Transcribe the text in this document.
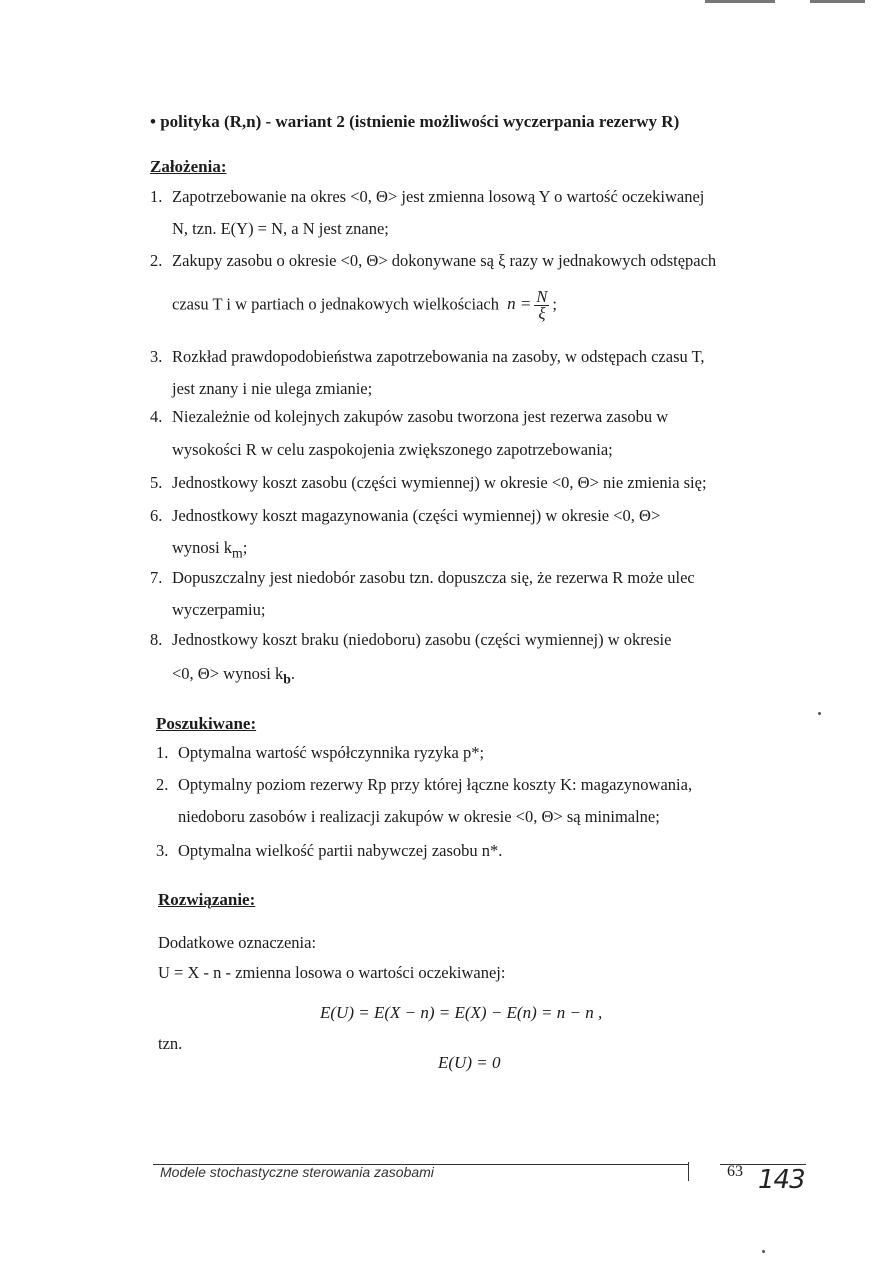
• polityka (R,n) - wariant 2 (istnienie możliwości wyczerpania rezerwy R)
Założenia:
1. Zapotrzebowanie na okres <0, Θ> jest zmienna losową Y o wartość oczekiwanej
N, tzn. E(Y) = N, a N jest znane;
2. Zakupy zasobu o okresie <0, Θ> dokonywane są ξ razy w jednakowych odstępach
czasu T i w partiach o jednakowych wielkościach $n = \frac{N}{\xi}$ ;
3. Rozkład prawdopodobieństwa zapotrzebowania na zasoby, w odstępach czasu T,
jest znany i nie ulega zmianie;
4. Niezależnie od kolejnych zakupów zasobu tworzona jest rezerwa zasobu w
wysokości R w celu zaspokojenia zwiększonego zapotrzebowania;
5. Jednostkowy koszt zasobu (części wymiennej) w okresie <0, Θ> nie zmienia się;
6. Jednostkowy koszt magazynowania (części wymiennej) w okresie <0, Θ>
wynosi $k_m$;
7. Dopuszczalny jest niedobór zasobu tzn. dopuszcza się, że rezerwa R może ulec
wyczerpamiu;
8. Jednostkowy koszt braku (niedoboru) zasobu (części wymiennej) w okresie
<0, Θ> wynosi $k_b$.
Poszukiwane:
1. Optymalna wartość współczynnika ryzyka p*;
2. Optymalny poziom rezerwy Rp przy której łączne koszty K: magazynowania,
niedoboru zasobów i realizacji zakupów w okresie <0, Θ> są minimalne;
3. Optymalna wielkość partii nabywczej zasobu n*.
Rozwiązanie:
Dodatkowe oznaczenia:
U = X - n - zmienna losowa o wartości oczekiwanej:
E(U) = E(X − n) = E(X) − E(n) = n − n ,
tzn.
E(U) = 0
Modele stochastyczne sterowania zasobami	63 143
